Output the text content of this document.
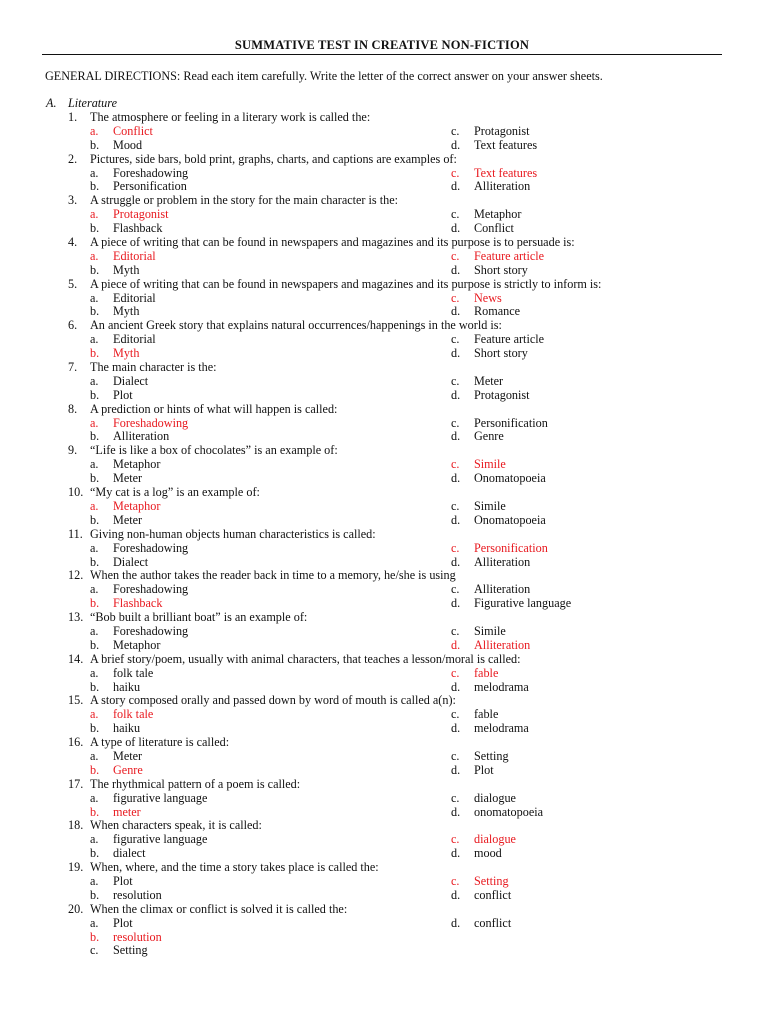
SUMMATIVE TEST IN CREATIVE NON-FICTION
GENERAL DIRECTIONS: Read each item carefully. Write the letter of the correct answer on your answer sheets.
A. Literature
1. The atmosphere or feeling in a literary work is called the:
a. Conflict	c. Protagonist
b. Mood	d. Text features
2. Pictures, side bars, bold print, graphs, charts, and captions are examples of:
a. Foreshadowing	c. Text features
b. Personification	d. Alliteration
3. A struggle or problem in the story for the main character is the:
a. Protagonist	c. Metaphor
b. Flashback	d. Conflict
4. A piece of writing that can be found in newspapers and magazines and its purpose is to persuade is:
a. Editorial	c. Feature article
b. Myth	d. Short story
5. A piece of writing that can be found in newspapers and magazines and its purpose is strictly to inform is:
a. Editorial	c. News
b. Myth	d. Romance
6. An ancient Greek story that explains natural occurrences/happenings in the world is:
a. Editorial	c. Feature article
b. Myth	d. Short story
7. The main character is the:
a. Dialect	c. Meter
b. Plot	d. Protagonist
8. A prediction or hints of what will happen is called:
a. Foreshadowing	c. Personification
b. Alliteration	d. Genre
9. “Life is like a box of chocolates” is an example of:
a. Metaphor	c. Simile
b. Meter	d. Onomatopoeia
10. “My cat is a log” is an example of:
a. Metaphor	c. Simile
b. Meter	d. Onomatopoeia
11. Giving non-human objects human characteristics is called:
a. Foreshadowing	c. Personification
b. Dialect	d. Alliteration
12. When the author takes the reader back in time to a memory, he/she is using
a. Foreshadowing	c. Alliteration
b. Flashback	d. Figurative language
13. “Bob built a brilliant boat” is an example of:
a. Foreshadowing	c. Simile
b. Metaphor	d. Alliteration
14. A brief story/poem, usually with animal characters, that teaches a lesson/moral is called:
a. folk tale	c. fable
b. haiku	d. melodrama
15. A story composed orally and passed down by word of mouth is called a(n):
a. folk tale	c. fable
b. haiku	d. melodrama
16. A type of literature is called:
a. Meter	c. Setting
b. Genre	d. Plot
17. The rhythmical pattern of a poem is called:
a. figurative language	c. dialogue
b. meter	d. onomatopoeia
18. When characters speak, it is called:
a. figurative language	c. dialogue
b. dialect	d. mood
19. When, where, and the time a story takes place is called the:
a. Plot	c. Setting
b. resolution	d. conflict
20. When the climax or conflict is solved it is called the:
a. Plot	d. conflict
b. resolution
c. Setting
